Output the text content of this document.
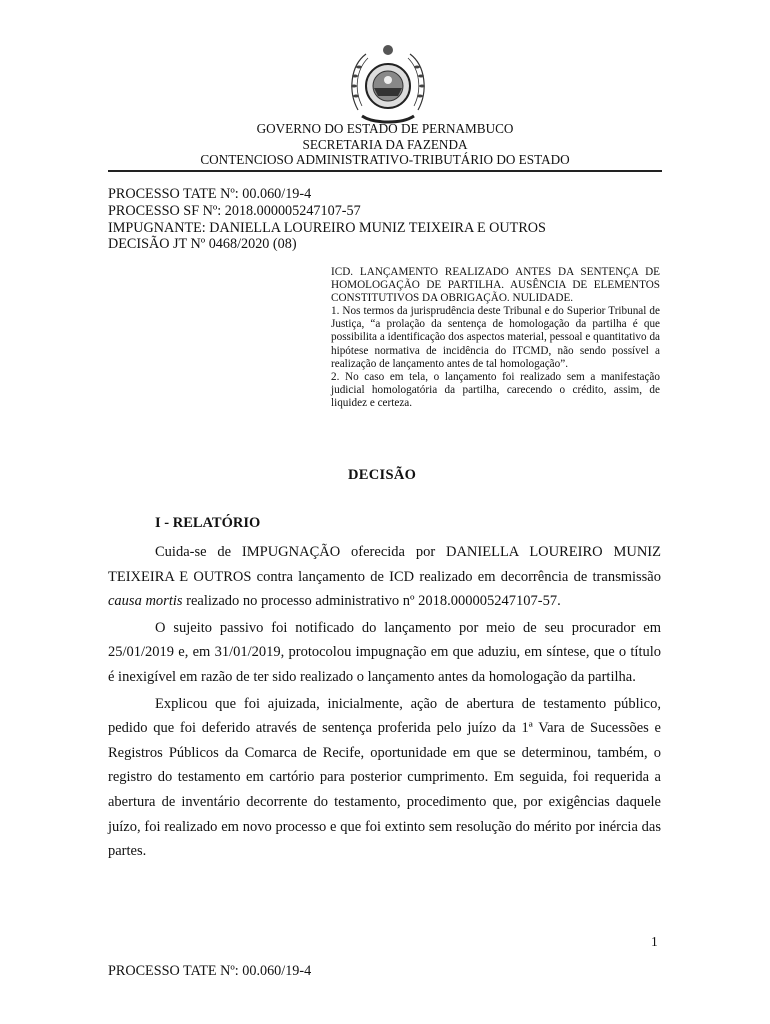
GOVERNO DO ESTADO DE PERNAMBUCO
SECRETARIA DA FAZENDA
CONTENCIOSO ADMINISTRATIVO-TRIBUTÁRIO DO ESTADO
PROCESSO TATE Nº: 00.060/19-4
PROCESSO SF Nº: 2018.000005247107-57
IMPUGNANTE: DANIELLA LOUREIRO MUNIZ TEIXEIRA E OUTROS
DECISÃO JT Nº 0468/2020 (08)

ICD. LANÇAMENTO REALIZADO ANTES DA SENTENÇA DE HOMOLOGAÇÃO DE PARTILHA. AUSÊNCIA DE ELEMENTOS CONSTITUTIVOS DA OBRIGAÇÃO. NULIDADE.

1. Nos termos da jurisprudência deste Tribunal e do Superior Tribunal de Justiça, “a prolação da sentença de homologação da partilha é que possibilita a identificação dos aspectos material, pessoal e quantitativo da hipótese normativa de incidência do ITCMD, não sendo possível a realização de lançamento antes de tal homologação”.

2. No caso em tela, o lançamento foi realizado sem a manifestação judicial homologatória da partilha, carecendo o crédito, assim, de liquidez e certeza.

DECISÃO
I - RELATÓRIO

Cuida-se de IMPUGNAÇÃO oferecida por DANIELLA LOUREIRO MUNIZ TEIXEIRA E OUTROS contra lançamento de ICD realizado em decorrência de transmissão causa mortis realizado no processo administrativo nº 2018.000005247107-57.

O sujeito passivo foi notificado do lançamento por meio de seu procurador em 25/01/2019 e, em 31/01/2019, protocolou impugnação em que aduziu, em síntese, que o título é inexigível em razão de ter sido realizado o lançamento antes da homologação da partilha.

Explicou que foi ajuizada, inicialmente, ação de abertura de testamento público, pedido que foi deferido através de sentença proferida pelo juízo da 1ª Vara de Sucessões e Registros Públicos da Comarca de Recife, oportunidade em que se determinou, também, o registro do testamento em cartório para posterior cumprimento. Em seguida, foi requerida a abertura de inventário decorrente do testamento, procedimento que, por exigências daquele juízo, foi realizado em novo processo e que foi extinto sem resolução do mérito por inércia das partes.

1
PROCESSO TATE Nº: 00.060/19-4
